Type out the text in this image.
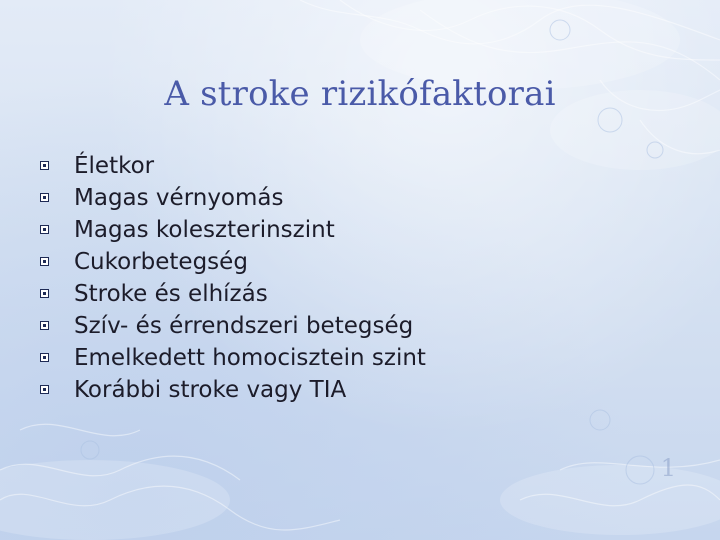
A stroke rizikófaktorai
Életkor
Magas vérnyomás
Magas koleszterinszint
Cukorbetegség
Stroke és elhízás
Szív- és érrendszeri betegség
Emelkedett homocisztein szint
Korábbi stroke vagy TIA
1
